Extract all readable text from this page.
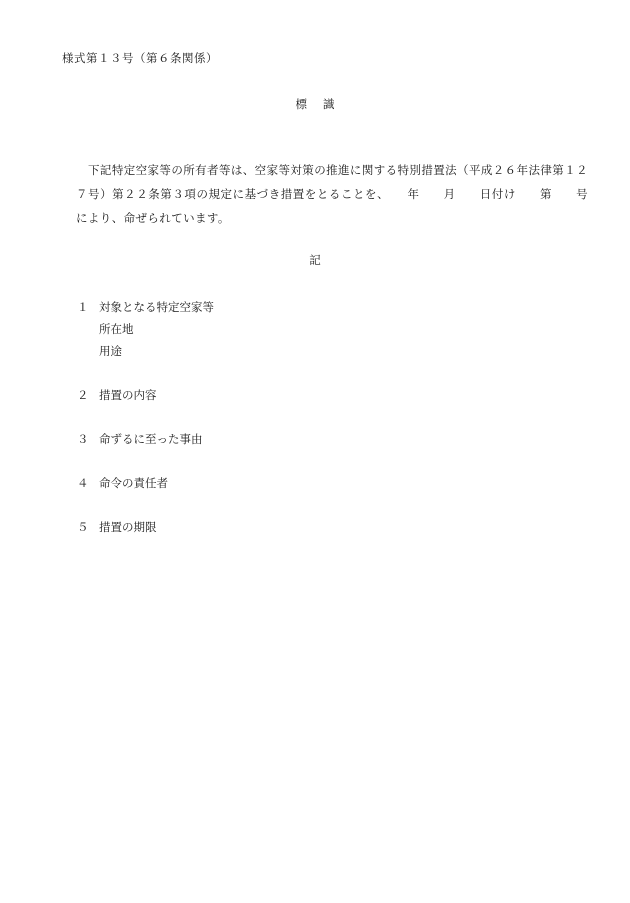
様式第１３号（第６条関係）
標識
下記特定空家等の所有者等は、空家等対策の推進に関する特別措置法（平成２６年法律第１２７号）第２２条第３項の規定に基づき措置をとることを、　　年　　月　　日付け　　第　　号により、命ぜられています。
記
１ 対象となる特定空家等
所在地
用途
２ 措置の内容
３ 命ずるに至った事由
４ 命令の責任者
５ 措置の期限
